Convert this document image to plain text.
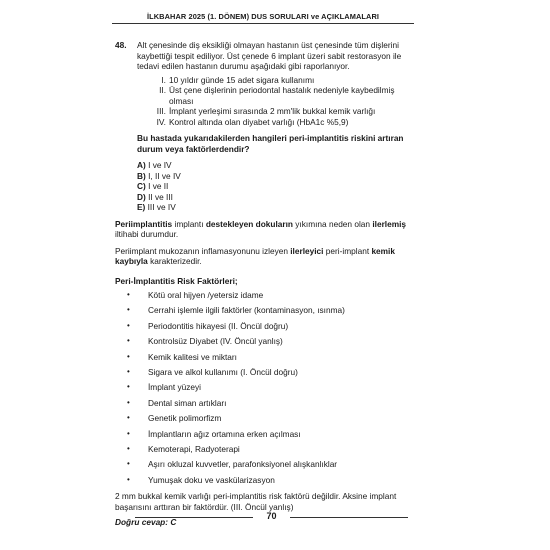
İLKBAHAR 2025 (1. DÖNEM) DUS SORULARI ve AÇIKLAMALARI
48. Alt çenesinde diş eksikliği olmayan hastanın üst çenesinde tüm dişlerini kaybettiği tespit ediliyor. Üst çenede 6 implant üzeri sabit restorasyon ile tedavi edilen hastanın durumu aşağıdaki gibi raporlanıyor.

I. 10 yıldır günde 15 adet sigara kullanımı
II. Üst çene dişlerinin periodontal hastalık nedeniyle kaybedilmiş olması
III. İmplant yerleşimi sırasında 2 mm'lik bukkal kemik varlığı
IV. Kontrol altında olan diyabet varlığı (HbA1c %5,9)

Bu hastada yukarıdakilerden hangileri peri-implantitis riskini artıran durum veya faktörlerdendir?

A) I ve IV
B) I, II ve IV
C) I ve II
D) II ve III
E) III ve IV

Periimplantitis implantı destekleyen dokuların yıkımına neden olan ilerlemiş iltihabi durumdur.

Periimplant mukozanın inflamasyonunu izleyen ilerleyici peri-implant kemik kaybıyla karakterizedir.

Peri-İmplantitis Risk Faktörleri;

• Kötü oral hijyen /yetersiz idame
• Cerrahi işlemle ilgili faktörler (kontaminasyon, ısınma)
• Periodontitis hikayesi (II. Öncül doğru)
• Kontrolsüz Diyabet (IV. Öncül yanlış)
• Kemik kalitesi ve miktarı
• Sigara ve alkol kullanımı (I. Öncül doğru)
• İmplant yüzeyi
• Dental siman artıkları
• Genetik polimorfizm
• İmplantların ağız ortamına erken açılması
• Kemoterapi, Radyoterapi
• Aşırı okluzal kuvvetler, parafonksiyonel alışkanlıklar
• Yumuşak doku ve vaskülarizasyon

2 mm bukkal kemik varlığı peri-implantitis risk faktörü değildir. Aksine implant başarısını arttıran bir faktördür. (III. Öncül yanlış)

Doğru cevap: C

70
